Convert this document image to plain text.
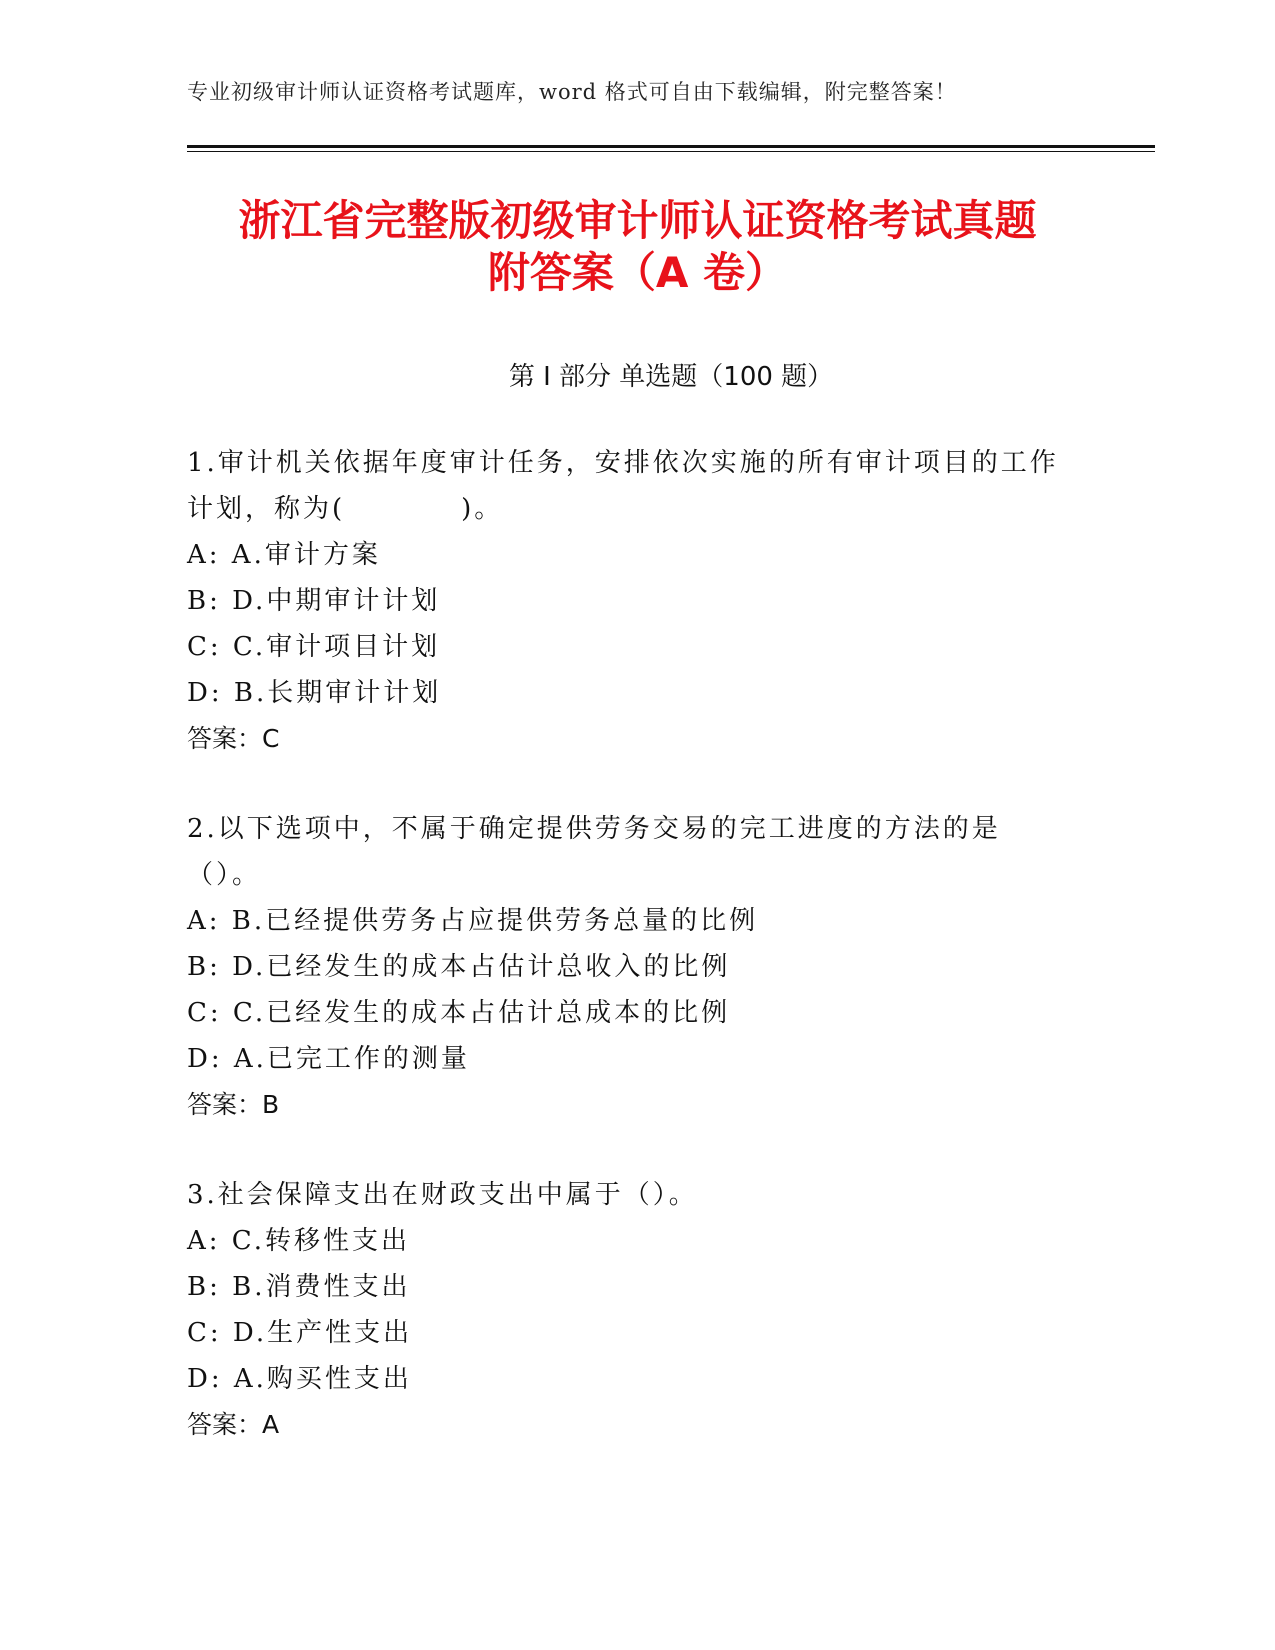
专业初级审计师认证资格考试题库，word 格式可自由下载编辑，附完整答案！
浙江省完整版初级审计师认证资格考试真题
附答案（A 卷）
第 I 部分 单选题（100 题）

1.审计机关依据年度审计任务，安排依次实施的所有审计项目的工作计划，称为(　　　　)。

A: A.审计方案

B: D.中期审计计划

C: C.审计项目计划

D: B.长期审计计划

答案：C

2.以下选项中，不属于确定提供劳务交易的完工进度的方法的是（）。

A: B.已经提供劳务占应提供劳务总量的比例

B: D.已经发生的成本占估计总收入的比例

C: C.已经发生的成本占估计总成本的比例

D: A.已完工作的测量

答案：B

3.社会保障支出在财政支出中属于（）。

A: C.转移性支出

B: B.消费性支出

C: D.生产性支出

D: A.购买性支出

答案：A
